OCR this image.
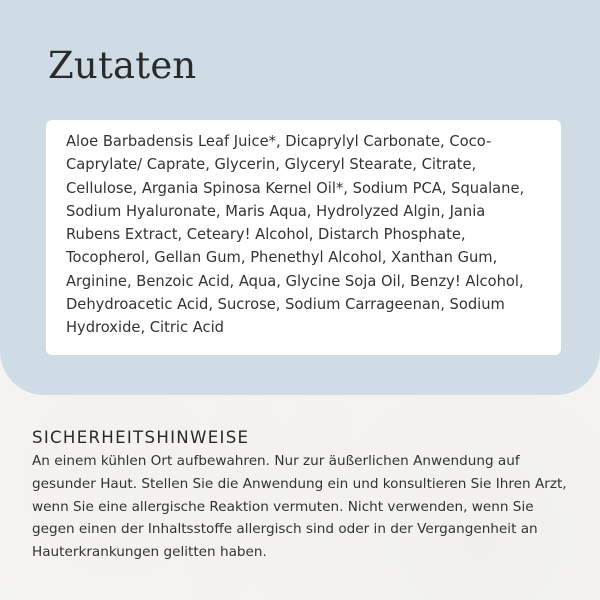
Zutaten

Aloe Barbadensis Leaf Juice*, Dicaprylyl Carbonate, Coco-Caprylate/ Caprate, Glycerin, Glyceryl Stearate, Citrate, Cellulose, Argania Spinosa Kernel Oil*, Sodium PCA, Squalane, Sodium Hyaluronate, Maris Aqua, Hydrolyzed Algin, Jania Rubens Extract, Ceteary! Alcohol, Distarch Phosphate, Tocopherol, Gellan Gum, Phenethyl Alcohol, Xanthan Gum, Arginine, Benzoic Acid, Aqua, Glycine Soja Oil, Benzy! Alcohol, Dehydroacetic Acid, Sucrose, Sodium Carrageenan, Sodium Hydroxide, Citric Acid

SICHERHEITSHINWEISE

An einem kühlen Ort aufbewahren. Nur zur äußerlichen Anwendung auf gesunder Haut. Stellen Sie die Anwendung ein und konsultieren Sie Ihren Arzt, wenn Sie eine allergische Reaktion vermuten. Nicht verwenden, wenn Sie gegen einen der Inhaltsstoffe allergisch sind oder in der Vergangenheit an Hauterkrankungen gelitten haben.
